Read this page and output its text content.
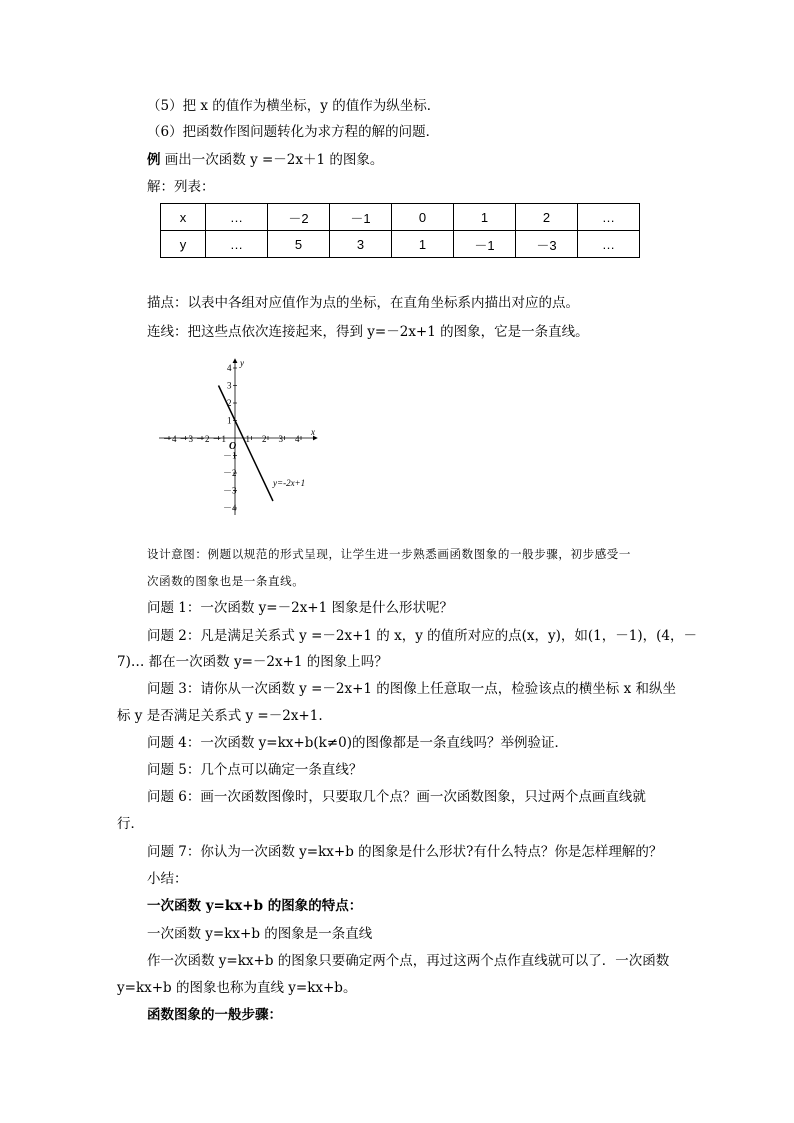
（5）把 x 的值作为横坐标，y 的值作为纵坐标．
（6）把函数作图问题转化为求方程的解的问题．
例 画出一次函数 y =－2x＋1 的图象。
解：列表：
x	…	－2	－1	0	1	2	…
y	…	5	3	1	－1	－3	…
描点：以表中各组对应值作为点的坐标，在直角坐标系内描出对应的点。
连线：把这些点依次连接起来，得到 y=－2x+1 的图象，它是一条直线。
－4 －3 －2 －1 1 2 3 4
4
3
2
1
－1
－2
－3
－4
x
y
O
y=-2x+1
设计意图：例题以规范的形式呈现，让学生进一步熟悉画函数图象的一般步骤，初步感受一
次函数的图象也是一条直线。
问题 1：一次函数 y=－2x+1 图象是什么形状呢？
问题 2：凡是满足关系式 y =－2x+1 的 x，y 的值所对应的点(x，y)，如(1，－1)，(4，－
7)… 都在一次函数 y=－2x+1 的图象上吗？
问题 3：请你从一次函数 y =－2x+1 的图像上任意取一点，检验该点的横坐标 x 和纵坐
标 y 是否满足关系式 y =－2x+1.
问题 4：一次函数 y=kx+b(k≠0)的图像都是一条直线吗？举例验证．
问题 5：几个点可以确定一条直线？
问题 6：画一次函数图像时，只要取几个点？画一次函数图象，只过两个点画直线就
行．
问题 7：你认为一次函数 y=kx+b 的图象是什么形状?有什么特点？你是怎样理解的？
小结：
一次函数 y=kx+b 的图象的特点：
一次函数 y=kx+b 的图象是一条直线
作一次函数 y=kx+b 的图象只要确定两个点，再过这两个点作直线就可以了．一次函数
y=kx+b 的图象也称为直线 y=kx+b。
函数图象的一般步骤：
